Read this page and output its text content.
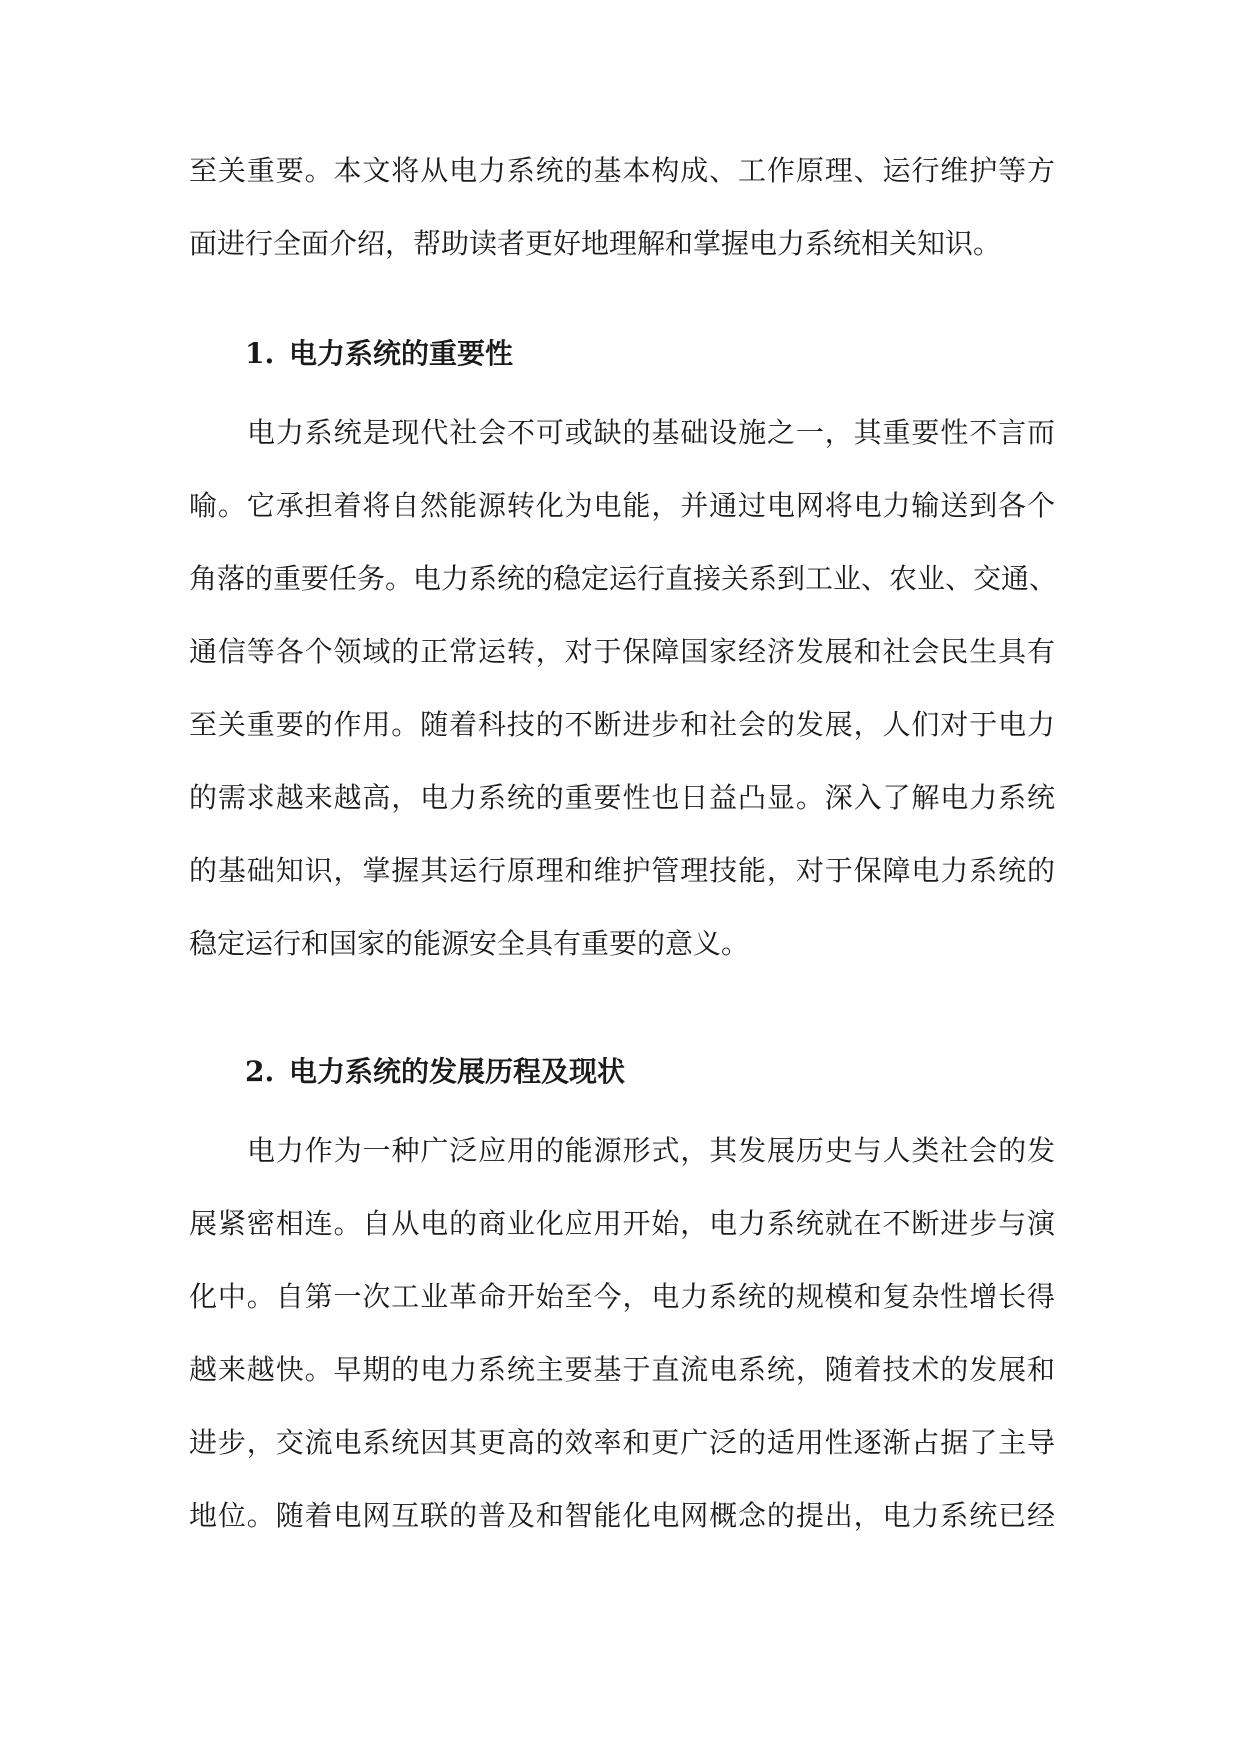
至关重要。本文将从电力系统的基本构成、工作原理、运行维护等方
面进行全面介绍，帮助读者更好地理解和掌握电力系统相关知识。
1. 电力系统的重要性
电力系统是现代社会不可或缺的基础设施之一，其重要性不言而
喻。它承担着将自然能源转化为电能，并通过电网将电力输送到各个
角落的重要任务。电力系统的稳定运行直接关系到工业、农业、交通、
通信等各个领域的正常运转，对于保障国家经济发展和社会民生具有
至关重要的作用。随着科技的不断进步和社会的发展，人们对于电力
的需求越来越高，电力系统的重要性也日益凸显。深入了解电力系统
的基础知识，掌握其运行原理和维护管理技能，对于保障电力系统的
稳定运行和国家的能源安全具有重要的意义。
2. 电力系统的发展历程及现状
电力作为一种广泛应用的能源形式，其发展历史与人类社会的发
展紧密相连。自从电的商业化应用开始，电力系统就在不断进步与演
化中。自第一次工业革命开始至今，电力系统的规模和复杂性增长得
越来越快。早期的电力系统主要基于直流电系统，随着技术的发展和
进步，交流电系统因其更高的效率和更广泛的适用性逐渐占据了主导
地位。随着电网互联的普及和智能化电网概念的提出，电力系统已经
